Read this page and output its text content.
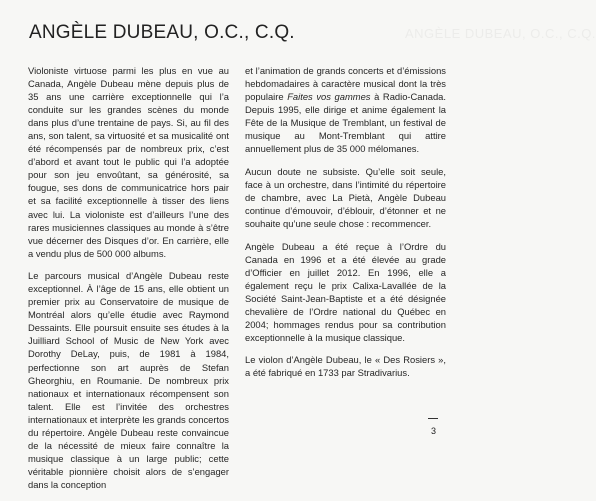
ANGÈLE DUBEAU, O.C., C.Q.	ANGÈLE DUBEAU, O.C., C.Q.

Violoniste virtuose parmi les plus en vue au Canada, Angèle Dubeau mène depuis plus de 35 ans une carrière exceptionnelle qui l’a conduite sur les grandes scènes du monde dans plus d’une trentaine de pays. Si, au fil des ans, son talent, sa virtuosité et sa musicalité ont été récompensés par de nombreux prix, c’est d’abord et avant tout le public qui l’a adoptée pour son jeu envoûtant, sa générosité, sa fougue, ses dons de communicatrice hors pair et sa facilité exceptionnelle à tisser des liens avec lui. La violoniste est d’ailleurs l’une des rares musiciennes classiques au monde à s’être vue décerner des Disques d’or. En carrière, elle a vendu plus de 500 000 albums.

Le parcours musical d’Angèle Dubeau reste exceptionnel. À l’âge de 15 ans, elle obtient un premier prix au Conservatoire de musique de Montréal alors qu’elle étudie avec Raymond Dessaints. Elle poursuit ensuite ses études à la Juilliard School of Music de New York avec Dorothy DeLay, puis, de 1981 à 1984, perfectionne son art auprès de Stefan Gheorghiu, en Roumanie. De nombreux prix nationaux et internationaux récompensent son talent. Elle est l’invitée des orchestres internationaux et interprète les grands concertos du répertoire. Angèle Dubeau reste convaincue de la nécessité de mieux faire connaître la musique classique à un large public; cette véritable pionnière choisit alors de s’engager dans la conception

et l’animation de grands concerts et d’émissions hebdomadaires à caractère musical dont la très populaire Faites vos gammes à Radio-Canada. Depuis 1995, elle dirige et anime également la Fête de la Musique de Tremblant, un festival de musique au Mont-Tremblant qui attire annuellement plus de 35 000 mélomanes.

Aucun doute ne subsiste. Qu’elle soit seule, face à un orchestre, dans l’intimité du répertoire de chambre, avec La Pietà, Angèle Dubeau continue d’émouvoir, d’éblouir, d’étonner et ne souhaite qu’une seule chose : recommencer.

Angèle Dubeau a été reçue à l’Ordre du Canada en 1996 et a été élevée au grade d’Officier en juillet 2012. En 1996, elle a également reçu le prix Calixa-Lavallée de la Société Saint-Jean-Baptiste et a été désignée chevalière de l’Ordre national du Québec en 2004; hommages rendus pour sa contribution exceptionnelle à la musique classique.

Le violon d’Angèle Dubeau, le « Des Rosiers », a été fabriqué en 1733 par Stradivarius.

3
